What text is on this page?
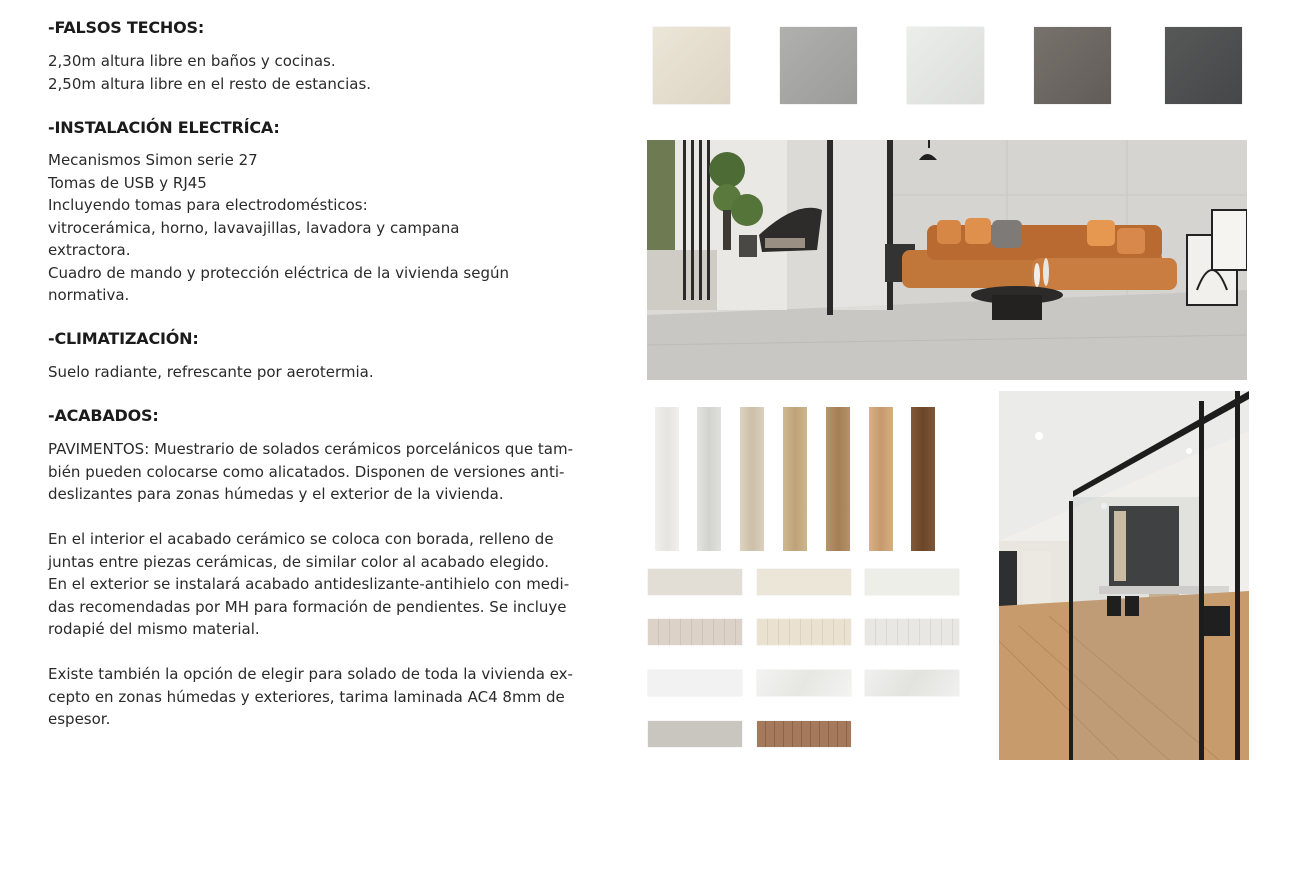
-FALSOS TECHOS:

2,30m altura libre en baños y cocinas.
2,50m altura libre en el resto de estancias.

-INSTALACIÓN ELECTRÍCA:

Mecanismos Simon serie 27
Tomas de USB y RJ45
Incluyendo tomas para electrodomésticos:
vitrocerámica, horno, lavavajillas, lavadora y campana
extractora.
Cuadro de mando y protección eléctrica de la vivienda según
normativa.

-CLIMATIZACIÓN:

Suelo radiante, refrescante por aerotermia.

-ACABADOS:

PAVIMENTOS: Muestrario de solados cerámicos porcelánicos que tam-
bién pueden colocarse como alicatados. Disponen de versiones anti-
deslizantes para zonas húmedas y el exterior de la vivienda.

En el interior el acabado cerámico se coloca con borada, relleno de
juntas entre piezas cerámicas, de similar color al acabado elegido.
En el exterior se instalará acabado antideslizante-antihielo con medi-
das recomendadas por MH para formación de pendientes. Se incluye
rodapié del mismo material.

Existe también la opción de elegir para solado de toda la vivienda ex-
cepto en zonas húmedas y exteriores, tarima laminada AC4 8mm de
espesor.
